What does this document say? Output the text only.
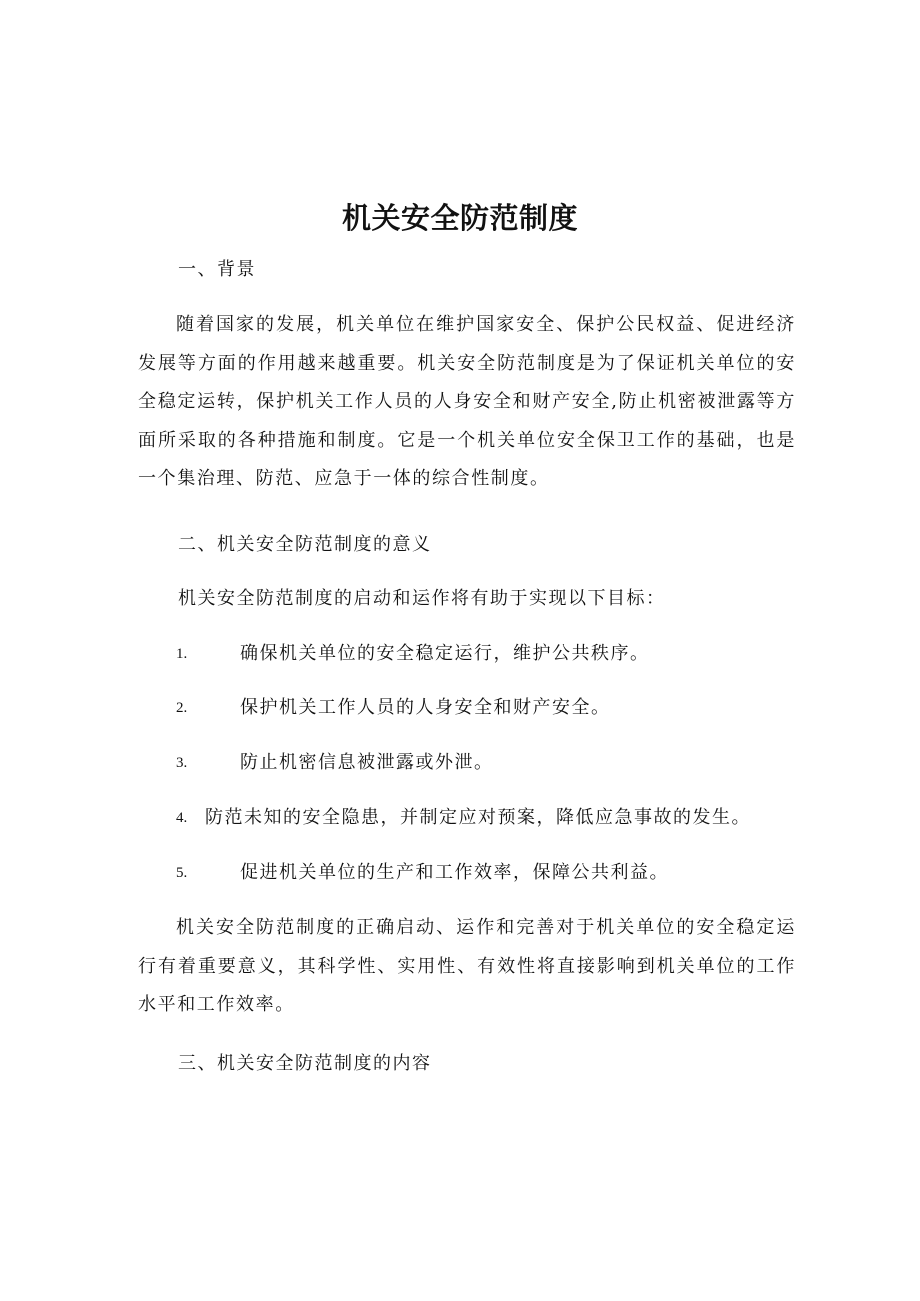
机关安全防范制度
一、背景
随着国家的发展，机关单位在维护国家安全、保护公民权益、促进经济发展等方面的作用越来越重要。机关安全防范制度是为了保证机关单位的安全稳定运转，保护机关工作人员的人身安全和财产安全,防止机密被泄露等方面所采取的各种措施和制度。它是一个机关单位安全保卫工作的基础，也是一个集治理、防范、应急于一体的综合性制度。
二、机关安全防范制度的意义
机关安全防范制度的启动和运作将有助于实现以下目标：
1.	确保机关单位的安全稳定运行，维护公共秩序。
2.	保护机关工作人员的人身安全和财产安全。
3.	防止机密信息被泄露或外泄。
4. 防范未知的安全隐患，并制定应对预案，降低应急事故的发生。
5.	促进机关单位的生产和工作效率，保障公共利益。
机关安全防范制度的正确启动、运作和完善对于机关单位的安全稳定运行有着重要意义，其科学性、实用性、有效性将直接影响到机关单位的工作水平和工作效率。
三、机关安全防范制度的内容
